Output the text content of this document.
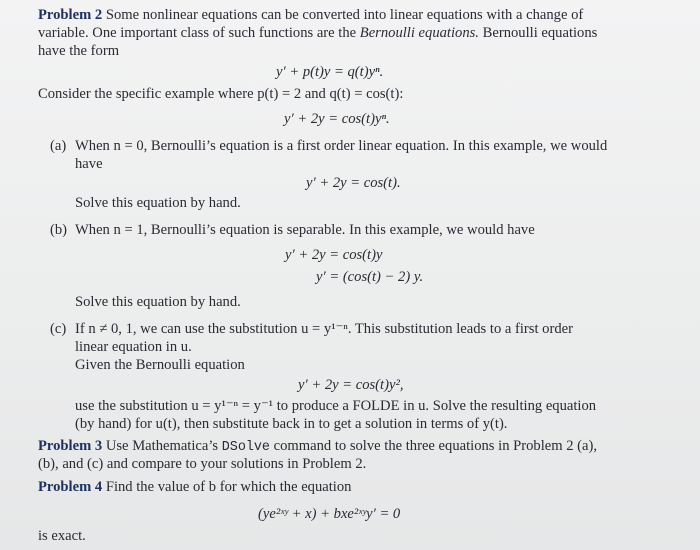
Problem 2 Some nonlinear equations can be converted into linear equations with a change of
variable. One important class of such functions are the Bernoulli equations. Bernoulli equations
have the form
y′ + p(t)y = q(t)yⁿ.
Consider the specific example where p(t) = 2 and q(t) = cos(t):
y′ + 2y = cos(t)yⁿ.
(a) When n = 0, Bernoulli’s equation is a first order linear equation. In this example, we would
have
y′ + 2y = cos(t).
Solve this equation by hand.
(b) When n = 1, Bernoulli’s equation is separable. In this example, we would have
y′ + 2y = cos(t)y
y′ = (cos(t) − 2) y.
Solve this equation by hand.
(c) If n ≠ 0, 1, we can use the substitution u = y¹⁻ⁿ. This substitution leads to a first order
linear equation in u.
Given the Bernoulli equation
y′ + 2y = cos(t)y²,
use the substitution u = y¹⁻ⁿ = y⁻¹ to produce a FOLDE in u. Solve the resulting equation
(by hand) for u(t), then substitute back in to get a solution in terms of y(t).
Problem 3 Use Mathematica’s DSolve command to solve the three equations in Problem 2 (a),
(b), and (c) and compare to your solutions in Problem 2.
Problem 4 Find the value of b for which the equation
(ye²ˣʸ + x) + bxe²ˣʸy′ = 0
is exact.
